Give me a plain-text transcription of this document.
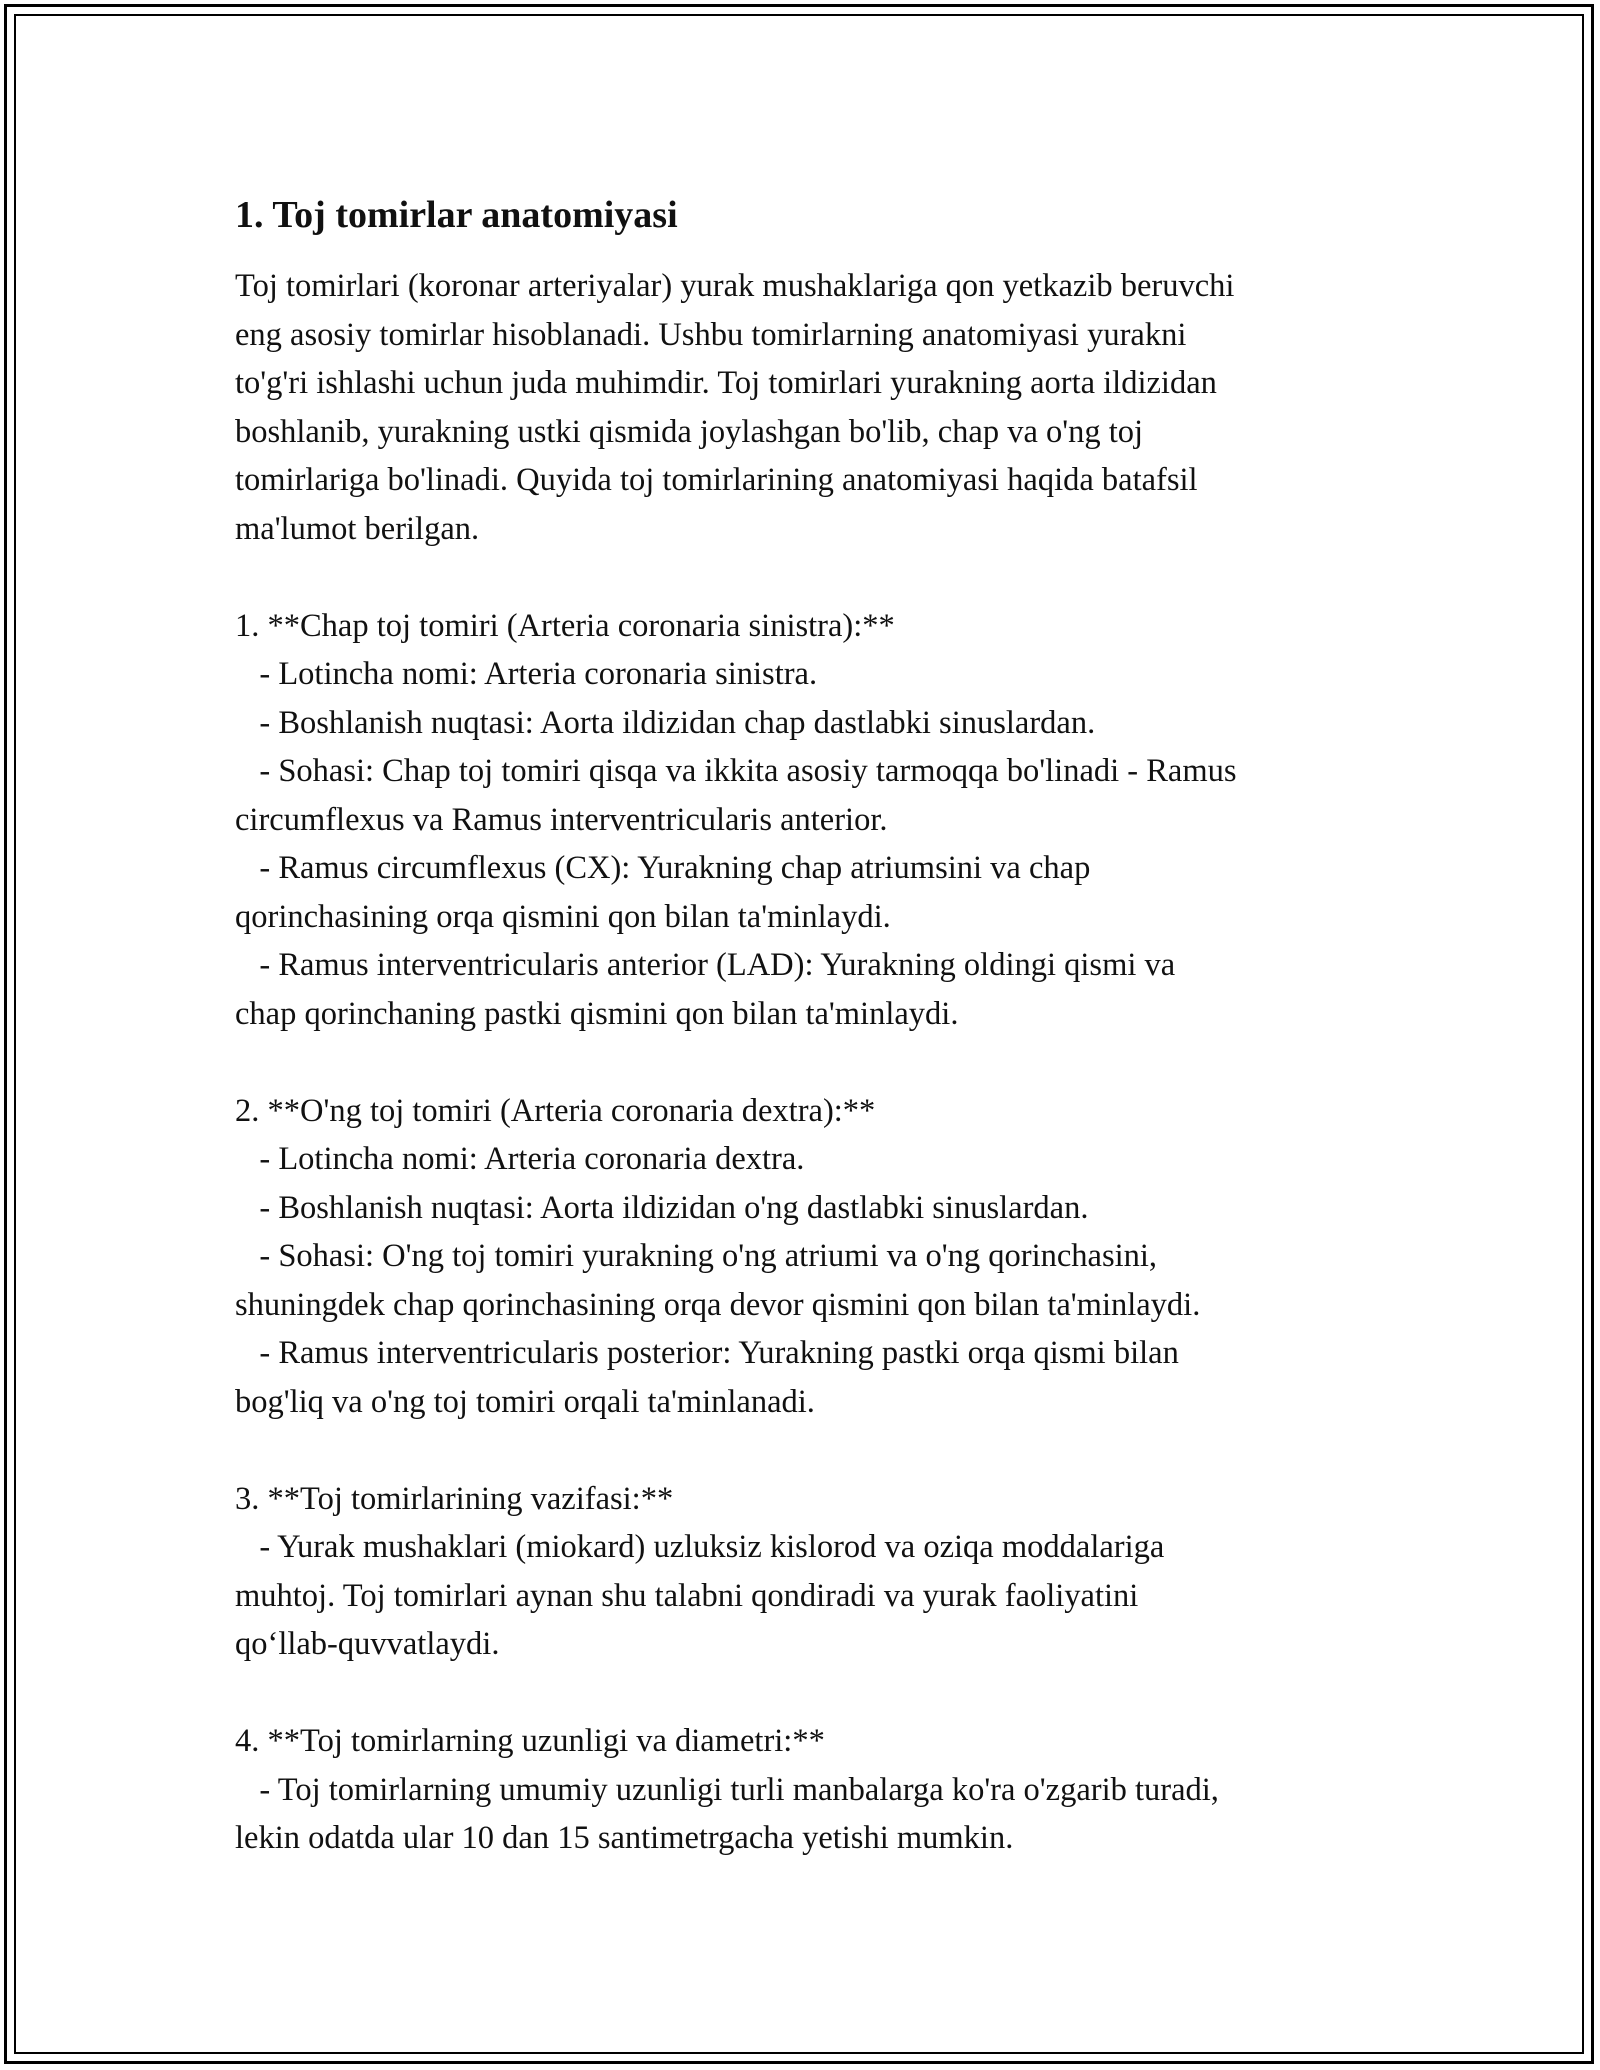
1. Toj tomirlar anatomiyasi

Toj tomirlari (koronar arteriyalar) yurak mushaklariga qon yetkazib beruvchi

eng asosiy tomirlar hisoblanadi. Ushbu tomirlarning anatomiyasi yurakni

to'g'ri ishlashi uchun juda muhimdir. Toj tomirlari yurakning aorta ildizidan

boshlanib, yurakning ustki qismida joylashgan bo'lib, chap va o'ng toj

tomirlariga bo'linadi. Quyida toj tomirlarining anatomiyasi haqida batafsil

ma'lumot berilgan.

1. **Chap toj tomiri (Arteria coronaria sinistra):**

- Lotincha nomi: Arteria coronaria sinistra.

- Boshlanish nuqtasi: Aorta ildizidan chap dastlabki sinuslardan.

- Sohasi: Chap toj tomiri qisqa va ikkita asosiy tarmoqqa bo'linadi - Ramus

circumflexus va Ramus interventricularis anterior.

- Ramus circumflexus (CX): Yurakning chap atriumsini va chap

qorinchasining orqa qismini qon bilan ta'minlaydi.

- Ramus interventricularis anterior (LAD): Yurakning oldingi qismi va

chap qorinchaning pastki qismini qon bilan ta'minlaydi.

2. **O'ng toj tomiri (Arteria coronaria dextra):**

- Lotincha nomi: Arteria coronaria dextra.

- Boshlanish nuqtasi: Aorta ildizidan o'ng dastlabki sinuslardan.

- Sohasi: O'ng toj tomiri yurakning o'ng atriumi va o'ng qorinchasini,

shuningdek chap qorinchasining orqa devor qismini qon bilan ta'minlaydi.

- Ramus interventricularis posterior: Yurakning pastki orqa qismi bilan

bog'liq va o'ng toj tomiri orqali ta'minlanadi.

3. **Toj tomirlarining vazifasi:**

- Yurak mushaklari (miokard) uzluksiz kislorod va oziqa moddalariga

muhtoj. Toj tomirlari aynan shu talabni qondiradi va yurak faoliyatini

qo‘llab-quvvatlaydi.

4. **Toj tomirlarning uzunligi va diametri:**

- Toj tomirlarning umumiy uzunligi turli manbalarga ko'ra o'zgarib turadi,

lekin odatda ular 10 dan 15 santimetrgacha yetishi mumkin.
